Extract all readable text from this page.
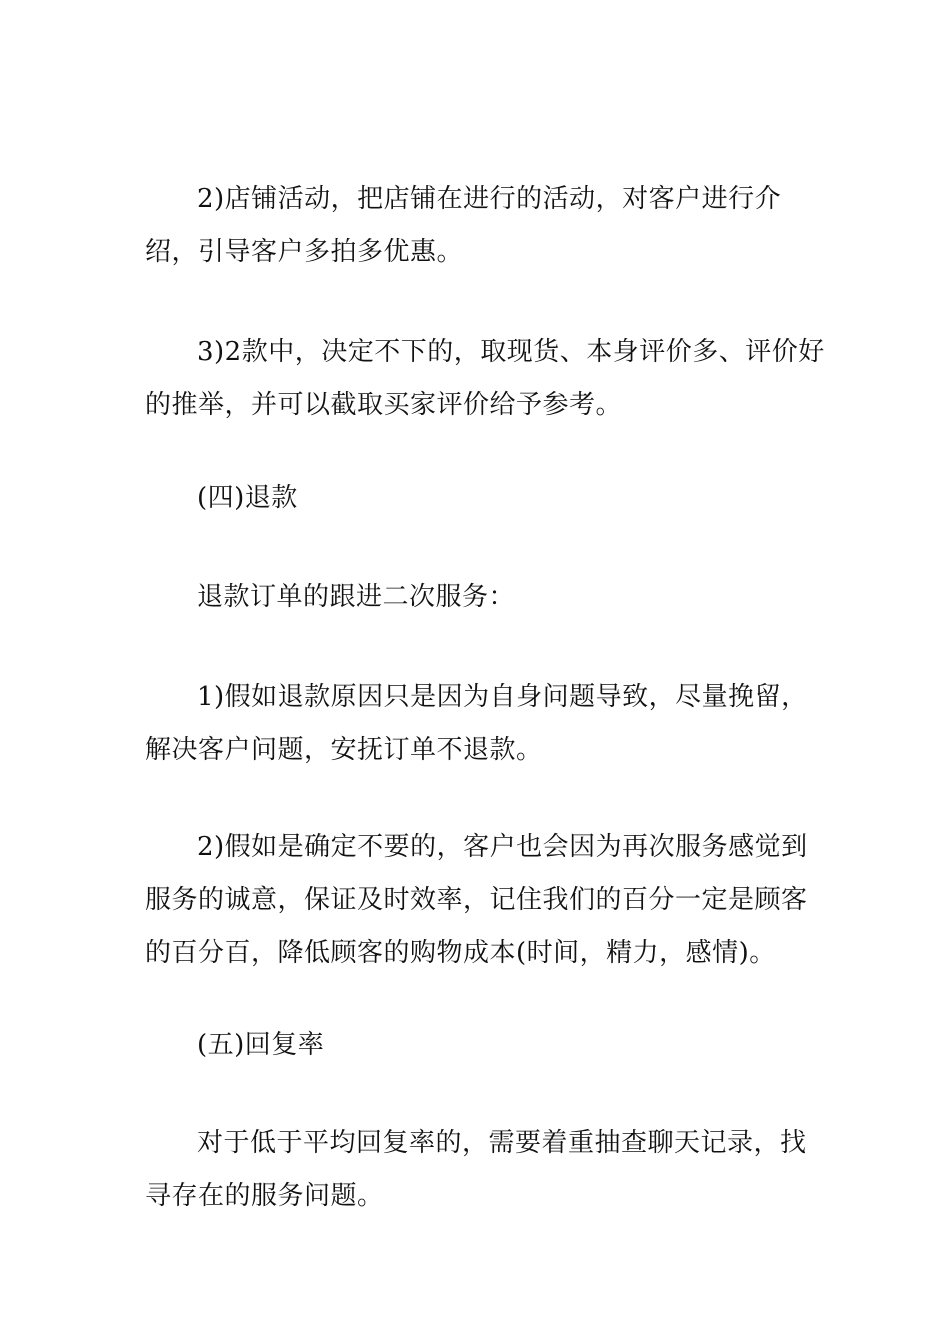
2)店铺活动，把店铺在进行的活动，对客户进行介绍，引导客户多拍多优惠。

3)2款中，决定不下的，取现货、本身评价多、评价好的推举，并可以截取买家评价给予参考。

(四)退款

退款订单的跟进二次服务：

1)假如退款原因只是因为自身问题导致，尽量挽留，解决客户问题，安抚订单不退款。

2)假如是确定不要的，客户也会因为再次服务感觉到服务的诚意，保证及时效率，记住我们的百分一定是顾客的百分百，降低顾客的购物成本(时间，精力，感情)。

(五)回复率

对于低于平均回复率的，需要着重抽查聊天记录，找寻存在的服务问题。
